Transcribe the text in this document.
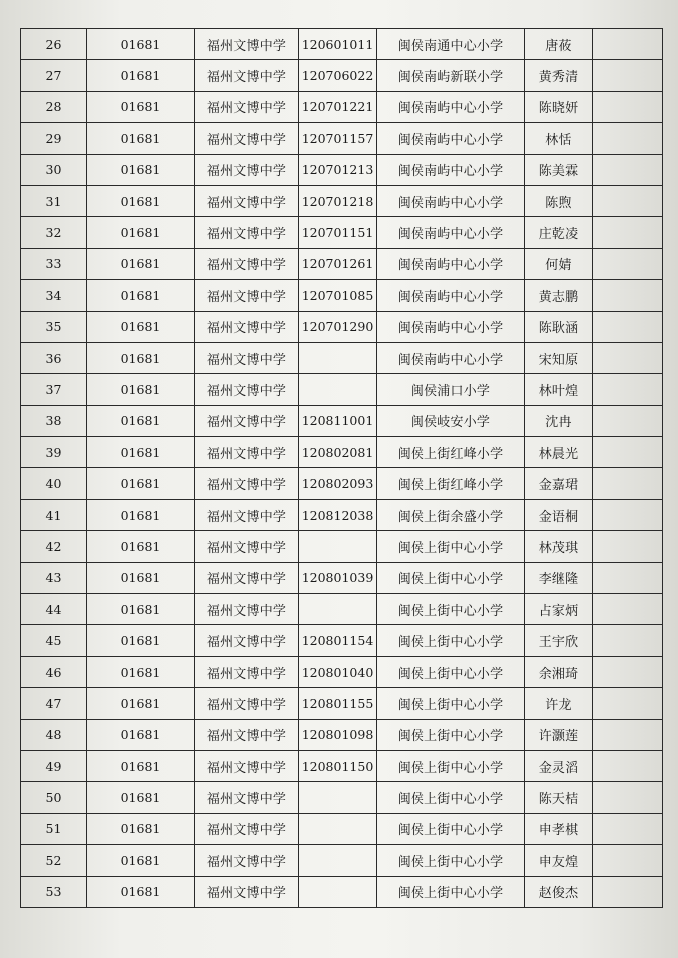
26	01681	福州文博中学	120601011	闽侯南通中心小学	唐莜	
27	01681	福州文博中学	120706022	闽侯南屿新联小学	黄秀清	
28	01681	福州文博中学	120701221	闽侯南屿中心小学	陈晓妍	
29	01681	福州文博中学	120701157	闽侯南屿中心小学	林恬	
30	01681	福州文博中学	120701213	闽侯南屿中心小学	陈美霖	
31	01681	福州文博中学	120701218	闽侯南屿中心小学	陈煦	
32	01681	福州文博中学	120701151	闽侯南屿中心小学	庄乾凌	
33	01681	福州文博中学	120701261	闽侯南屿中心小学	何婧	
34	01681	福州文博中学	120701085	闽侯南屿中心小学	黄志鹏	
35	01681	福州文博中学	120701290	闽侯南屿中心小学	陈耿涵	
36	01681	福州文博中学		闽侯南屿中心小学	宋知原	
37	01681	福州文博中学		闽侯浦口小学	林叶煌	
38	01681	福州文博中学	120811001	闽侯岐安小学	沈冉	
39	01681	福州文博中学	120802081	闽侯上街红峰小学	林晨光	
40	01681	福州文博中学	120802093	闽侯上街红峰小学	金嘉珺	
41	01681	福州文博中学	120812038	闽侯上街余盛小学	金语桐	
42	01681	福州文博中学		闽侯上街中心小学	林茂琪	
43	01681	福州文博中学	120801039	闽侯上街中心小学	李继隆	
44	01681	福州文博中学		闽侯上街中心小学	占家炳	
45	01681	福州文博中学	120801154	闽侯上街中心小学	王宇欣	
46	01681	福州文博中学	120801040	闽侯上街中心小学	余湘琦	
47	01681	福州文博中学	120801155	闽侯上街中心小学	许龙	
48	01681	福州文博中学	120801098	闽侯上街中心小学	许灏莲	
49	01681	福州文博中学	120801150	闽侯上街中心小学	金灵滔	
50	01681	福州文博中学		闽侯上街中心小学	陈天桔	
51	01681	福州文博中学		闽侯上街中心小学	申孝棋	
52	01681	福州文博中学		闽侯上街中心小学	申友煌	
53	01681	福州文博中学		闽侯上街中心小学	赵俊杰	
